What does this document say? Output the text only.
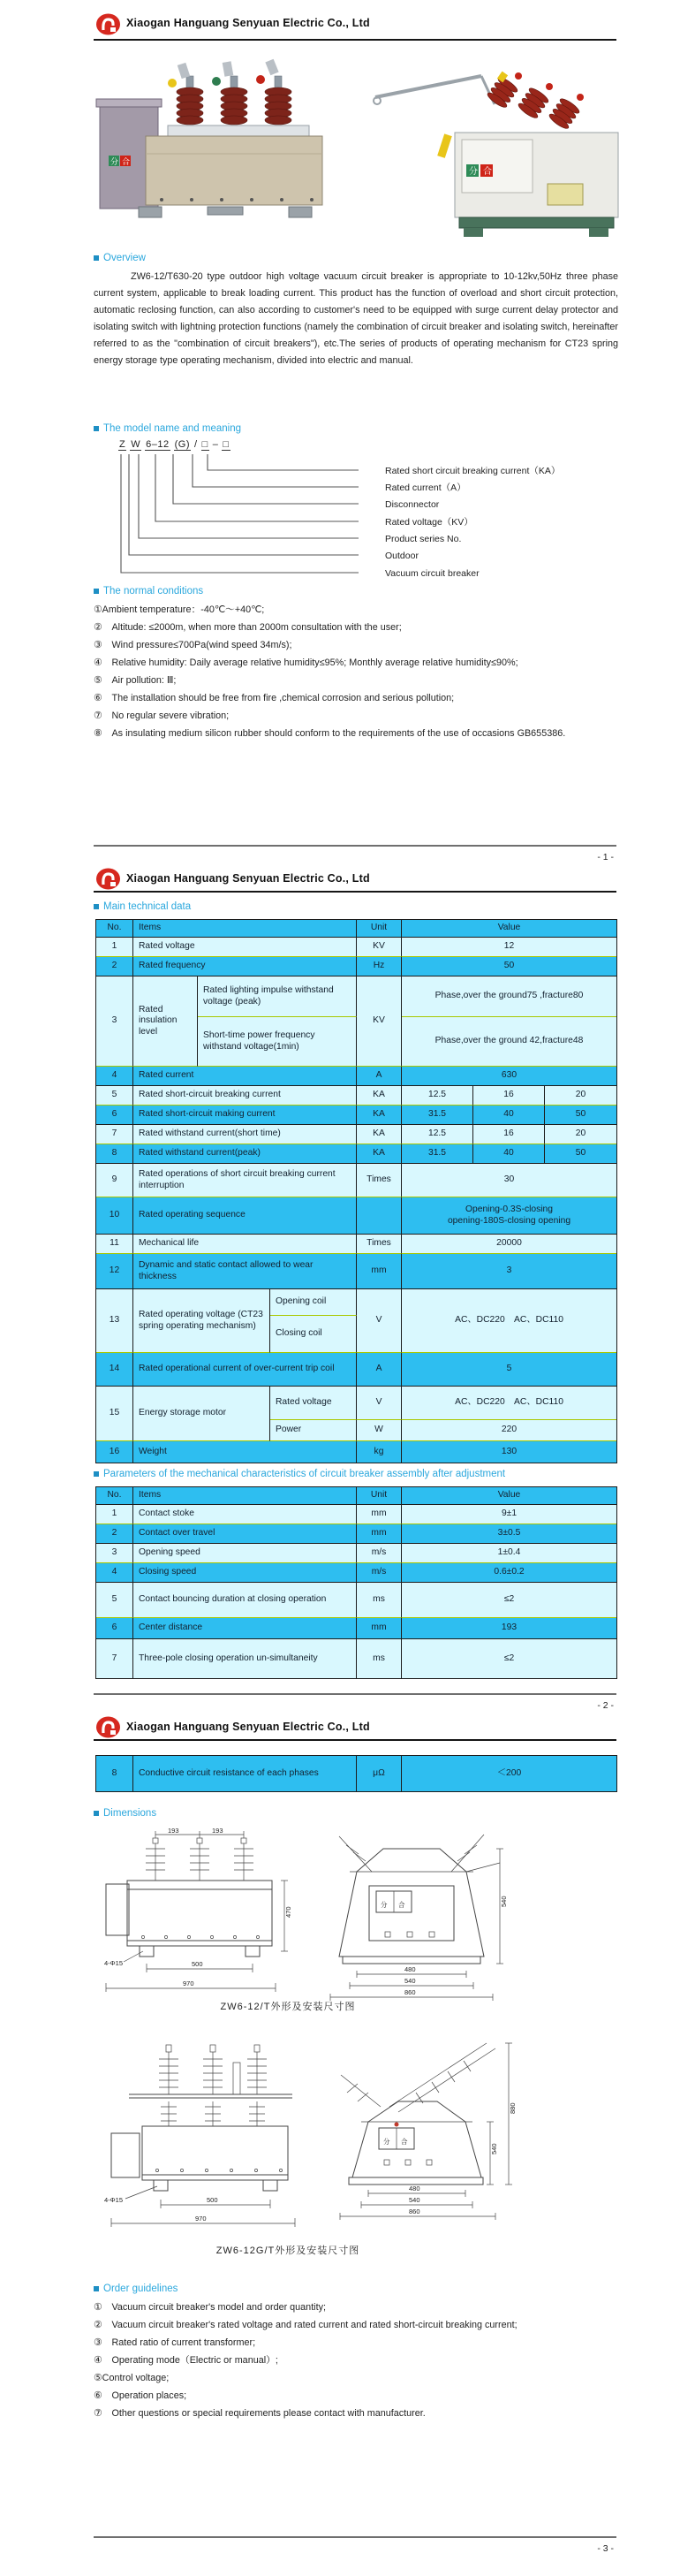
Xiaogan Hanguang Senyuan Electric Co., Ltd
分 合
分 合
Overview
ZW6-12/T630-20 type outdoor high voltage vacuum circuit breaker is appropriate to 10-12kv,50Hz three phase current system, applicable to break loading current. This product has the function of overload and short circuit protection, automatic reclosing function, can also according to customer's need to be equipped with surge current delay protector and isolating switch with lightning protection functions (namely the combination of circuit breaker and isolating switch, hereinafter referred to as the "combination of circuit breakers"), etc.The series of products of operating mechanism for CT23 spring energy storage type operating mechanism, divided into electric and manual.
The model name and meaning
Z W 6–12 (G) / □ – □
Rated short circuit breaking current（KA）
Rated current（A）
Disconnector
Rated voltage（KV）
Product series No.
Outdoor
Vacuum circuit breaker
The normal conditions
①Ambient temperature：-40℃～+40℃;
②　Altitude: ≤2000m, when more than 2000m consultation with the user;
③　Wind pressure≤700Pa(wind speed 34m/s);
④　Relative humidity: Daily average relative humidity≤95%; Monthly average relative humidity≤90%;
⑤　Air pollution: Ⅲ;
⑥　The installation should be free from fire ,chemical corrosion and serious pollution;
⑦　No regular severe vibration;
⑧　As insulating medium silicon rubber should conform to the requirements of the use of occasions GB655386.
- 1 -
Xiaogan Hanguang Senyuan Electric Co., Ltd
Main technical data
No.	Items			Unit	Value		
1	Rated voltage			KV	12		
2	Rated frequency			Hz	50		
3	Rated insulation level	Rated lighting impulse withstand voltage (peak)		KV	Phase,over the ground75 ,fracture80		
		Short-time power frequency withstand voltage(1min)			Phase,over the ground 42,fracture48		
4	Rated current			A	630		
5	Rated short-circuit breaking current			KA	12.5	16	20
6	Rated short-circuit making current			KA	31.5	40	50
7	Rated withstand current(short time)			KA	12.5	16	20
8	Rated withstand current(peak)			KA	31.5	40	50
9	Rated operations of short circuit breaking current interruption			Times	30		
10	Rated operating sequence				Opening-0.3S-closing
opening-180S-closing opening		

11	Mechanical life			Times	20000		
12	Dynamic and static contact allowed to wear thickness			mm	3		
13	Rated operating voltage (CT23 spring operating mechanism)		Opening coil	V	AC、DC220　AC、DC110		
			Closing coil				
14	Rated operational current of over-current trip coil			A	5		
15	Energy storage motor		Rated voltage	V	AC、DC220　AC、DC110		
			Power	W	220		
16	Weight			kg	130		
Parameters of the mechanical characteristics of circuit breaker assembly after adjustment
No.	Items	Unit	Value
1	Contact stoke	mm	9±1
2	Contact over travel	mm	3±0.5
3	Opening speed	m/s	1±0.4
4	Closing speed	m/s	0.6±0.2
5	Contact bouncing duration at closing operation	ms	≤2
6	Center distance	mm	193
7	Three-pole closing operation un-simultaneity	ms	≤2
- 2 -
Xiaogan Hanguang Senyuan Electric Co., Ltd
8	Conductive circuit resistance of each phases	μΩ	＜200
Dimensions
193	193
4-Φ15	500
970
470
分 合
480
540
860
540
ZW6-12/T外形及安装尺寸图
4-Φ15	500
970
分 合
480
540
860
540
880
ZW6-12G/T外形及安装尺寸图
Order guidelines
①　Vacuum circuit breaker's model and order quantity;
②　Vacuum circuit breaker's rated voltage and rated current and rated short-circuit breaking current;
③　Rated ratio of current transformer;
④　Operating mode（Electric or manual）;
⑤Control voltage;
⑥　Operation places;
⑦　Other questions or special requirements please contact with manufacturer.
- 3 -
